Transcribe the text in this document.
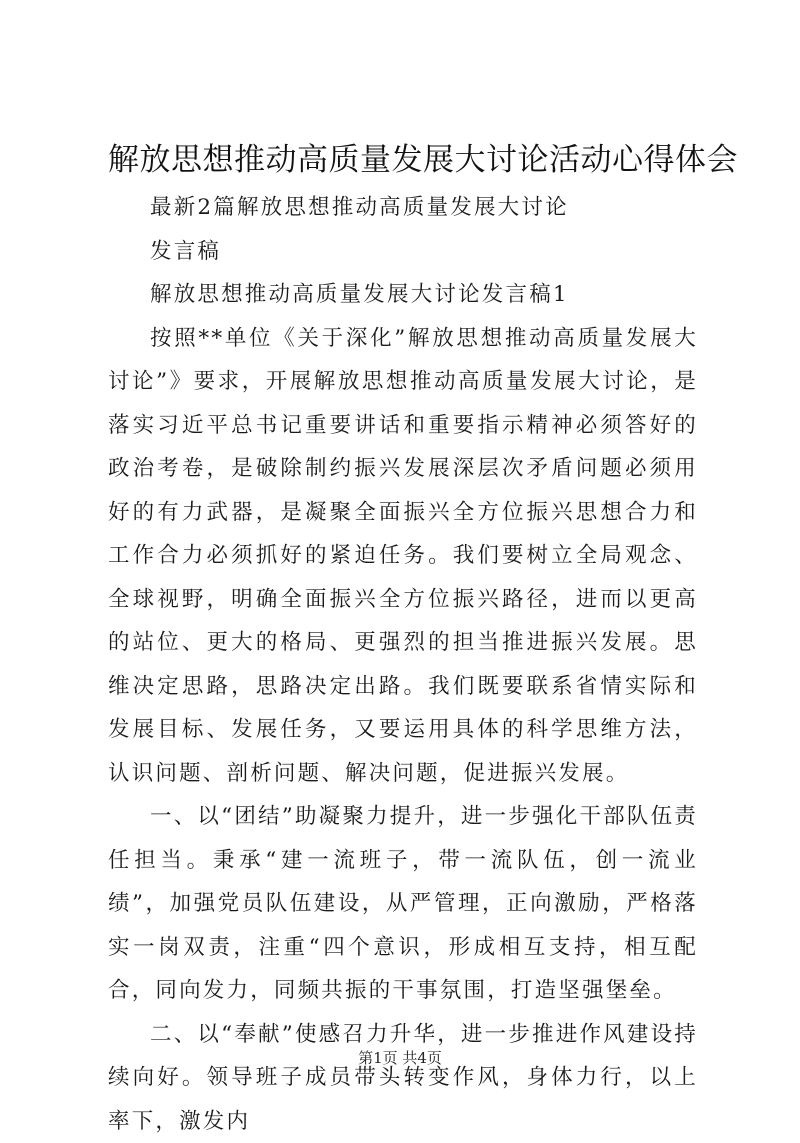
解放思想推动高质量发展大讨论活动心得体会

最新2篇解放思想推动高质量发展大讨论

发言稿

解放思想推动高质量发展大讨论发言稿1

按照**单位《关于深化”解放思想推动高质量发展大讨论”》要求，开展解放思想推动高质量发展大讨论，是落实习近平总书记重要讲话和重要指示精神必须答好的政治考卷，是破除制约振兴发展深层次矛盾问题必须用好的有力武器，是凝聚全面振兴全方位振兴思想合力和工作合力必须抓好的紧迫任务。我们要树立全局观念、全球视野，明确全面振兴全方位振兴路径，进而以更高的站位、更大的格局、更强烈的担当推进振兴发展。思维决定思路，思路决定出路。我们既要联系省情实际和发展目标、发展任务，又要运用具体的科学思维方法，认识问题、剖析问题、解决问题，促进振兴发展。

一、以“团结”助凝聚力提升，进一步强化干部队伍责任担当。秉承“建一流班子，带一流队伍，创一流业绩”，加强党员队伍建设，从严管理，正向激励，严格落实一岗双责，注重“四个意识，形成相互支持，相互配合，同向发力，同频共振的干事氛围，打造坚强堡垒。

二、以“奉献”使感召力升华，进一步推进作风建设持续向好。领导班子成员带头转变作风，身体力行，以上率下，激发内

第1页 共4页
